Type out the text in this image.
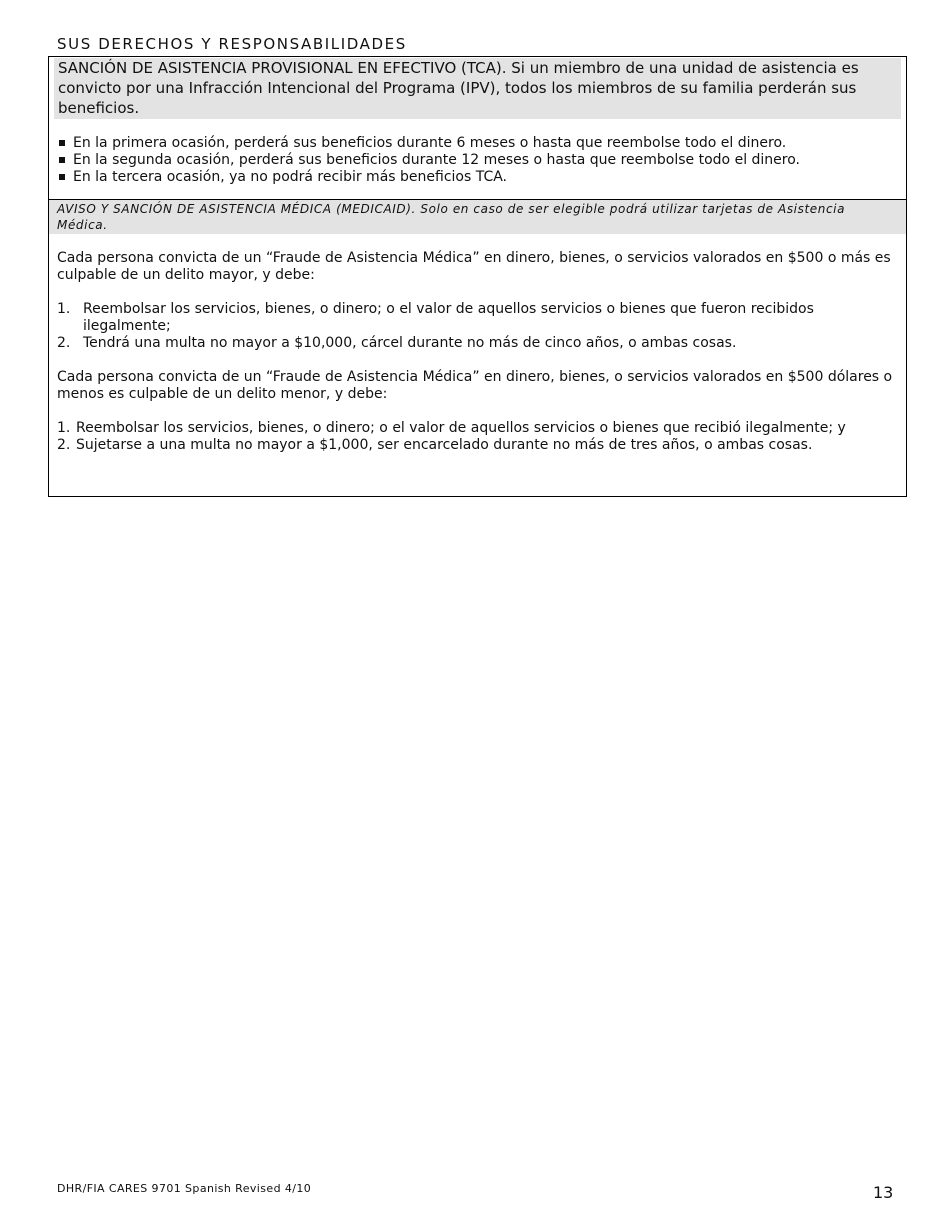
SUS DERECHOS Y RESPONSABILIDADES
SANCIÓN DE ASISTENCIA PROVISIONAL EN EFECTIVO (TCA). Si un miembro de una unidad de asistencia es convicto por una Infracción Intencional del Programa (IPV), todos los miembros de su familia perderán sus beneficios.
En la primera ocasión, perderá sus beneficios durante 6 meses o hasta que reembolse todo el dinero.
En la segunda ocasión, perderá sus beneficios durante 12 meses o hasta que reembolse todo el dinero.
En la tercera ocasión, ya no podrá recibir más beneficios TCA.
AVISO Y SANCIÓN DE ASISTENCIA MÉDICA (MEDICAID). Solo en caso de ser elegible podrá utilizar tarjetas de Asistencia Médica.

Cada persona convicta de un “Fraude de Asistencia Médica” en dinero, bienes, o servicios valorados en $500 o más es culpable de un delito mayor, y debe:

1. Reembolsar los servicios, bienes, o dinero; o el valor de aquellos servicios o bienes que fueron recibidos ilegalmente;
2. Tendrá una multa no mayor a $10,000, cárcel durante no más de cinco años, o ambas cosas.

Cada persona convicta de un “Fraude de Asistencia Médica” en dinero, bienes, o servicios valorados en $500 dólares o menos es culpable de un delito menor, y debe:

1. Reembolsar los servicios, bienes, o dinero; o el valor de aquellos servicios o bienes que recibió ilegalmente; y
2. Sujetarse a una multa no mayor a $1,000, ser encarcelado durante no más de tres años, o ambas cosas.
DHR/FIA CARES 9701 Spanish Revised 4/10	13
